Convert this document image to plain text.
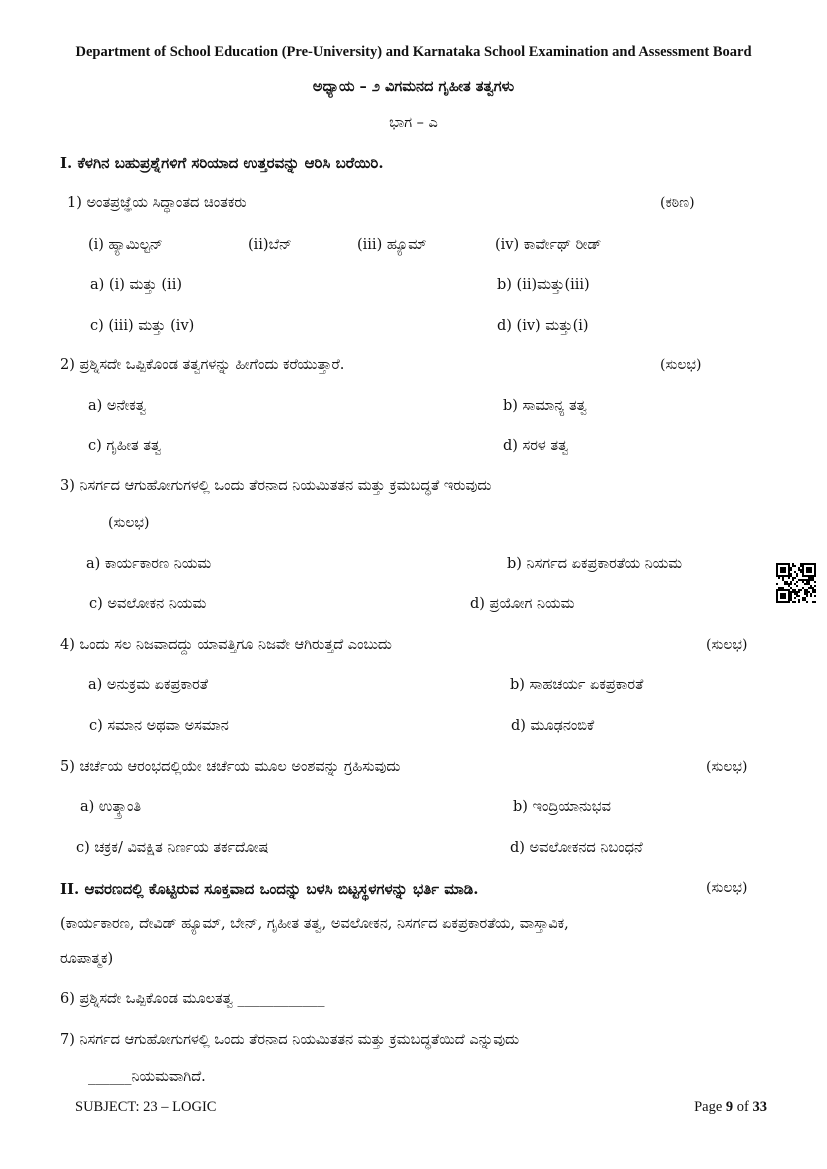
Department of School Education (Pre-University) and Karnataka School Examination and Assessment Board
ಅಧ್ಯಾಯ – ೨ ವಿಗಮನದ ಗೃಹೀತ ತತ್ವಗಳು
ಭಾಗ – ಎ
I. ಕೆಳಗಿನ ಬಹುಪ್ರಶ್ನೆಗಳಿಗೆ ಸರಿಯಾದ ಉತ್ತರವನ್ನು ಆರಿಸಿ ಬರೆಯಿರಿ.
1) ಅಂತಪ್ರಜ್ಞೆಯ ಸಿದ್ಧಾಂತದ ಚಿಂತಕರು	(ಕಠಿಣ)
(i) ಹ್ಯಾಮಿಲ್ಟನ್	(ii)ಬೆನ್	(iii) ಹ್ಯೂಮ್	(iv) ಕಾರ್ವೇಥ್ ರೀಡ್
a) (i) ಮತ್ತು (ii)	b) (ii)ಮತ್ತು(iii)
c) (iii) ಮತ್ತು (iv)	d) (iv) ಮತ್ತು(i)
2) ಪ್ರಶ್ನಿಸದೇ ಒಪ್ಪಿಕೊಂಡ ತತ್ವಗಳನ್ನು ಹೀಗೆಂದು ಕರೆಯುತ್ತಾರೆ.	(ಸುಲಭ)
a) ಅನೇಕತ್ವ	b) ಸಾಮಾನ್ಯ ತತ್ವ
c) ಗೃಹೀತ ತತ್ವ	d) ಸರಳ ತತ್ವ
3) ನಿಸರ್ಗದ ಆಗುಹೋಗುಗಳಲ್ಲಿ ಒಂದು ತೆರನಾದ ನಿಯಮಿತತನ ಮತ್ತು ಕ್ರಮಬದ್ಧತೆ ಇರುವುದು
(ಸುಲಭ)
a) ಕಾರ್ಯಕಾರಣ ನಿಯಮ	b) ನಿಸರ್ಗದ ಏಕಪ್ರಕಾರತೆಯ ನಿಯಮ
c) ಅವಲೋಕನ ನಿಯಮ	d) ಪ್ರಯೋಗ ನಿಯಮ
4) ಒಂದು ಸಲ ನಿಜವಾದದ್ದು ಯಾವತ್ತಿಗೂ ನಿಜವೇ ಆಗಿರುತ್ತದೆ ಎಂಬುದು	(ಸುಲಭ)
a) ಅನುಕ್ರಮ ಏಕಪ್ರಕಾರತೆ	b) ಸಾಹಚರ್ಯ ಏಕಪ್ರಕಾರತೆ
c) ಸಮಾನ ಅಥವಾ ಅಸಮಾನ	d) ಮೂಢನಂಬಿಕೆ
5) ಚರ್ಚೆಯ ಆರಂಭದಲ್ಲಿಯೇ ಚರ್ಚೆಯ ಮೂಲ ಅಂಶವನ್ನು ಗ್ರಹಿಸುವುದು	(ಸುಲಭ)
a) ಉತ್ಕ್ರಾಂತಿ	b) ಇಂದ್ರಿಯಾನುಭವ
c) ಚಕ್ರಕ/ ವಿವಕ್ಷಿತ ನಿರ್ಣಯ ತರ್ಕದೋಷ	d) ಅವಲೋಕನದ ನಿಬಂಧನೆ
II. ಆವರಣದಲ್ಲಿ ಕೊಟ್ಟಿರುವ ಸೂಕ್ತವಾದ ಒಂದನ್ನು ಬಳಸಿ ಬಿಟ್ಟಸ್ಥಳಗಳನ್ನು ಭರ್ತಿ ಮಾಡಿ.	(ಸುಲಭ)
(ಕಾರ್ಯಕಾರಣ, ದೇವಿಡ್ ಹ್ಯೂಮ್, ಬೇನ್, ಗೃಹೀತ ತತ್ವ, ಅವಲೋಕನ, ನಿಸರ್ಗದ ಏಕಪ್ರಕಾರತೆಯ, ವಾಸ್ತಾವಿಕ,
ರೂಪಾತ್ಮಕ)
6) ಪ್ರಶ್ನಿಸದೇ ಒಪ್ಪಿಕೊಂಡ ಮೂಲತತ್ವ ____________
7) ನಿಸರ್ಗದ ಆಗುಹೋಗುಗಳಲ್ಲಿ ಒಂದು ತೆರನಾದ ನಿಯಮಿತತನ ಮತ್ತು ಕ್ರಮಬದ್ಧತೆಯಿದೆ ಎನ್ನುವುದು
______ನಿಯಮವಾಗಿದೆ.
SUBJECT: 23 – LOGIC	Page 9 of 33
